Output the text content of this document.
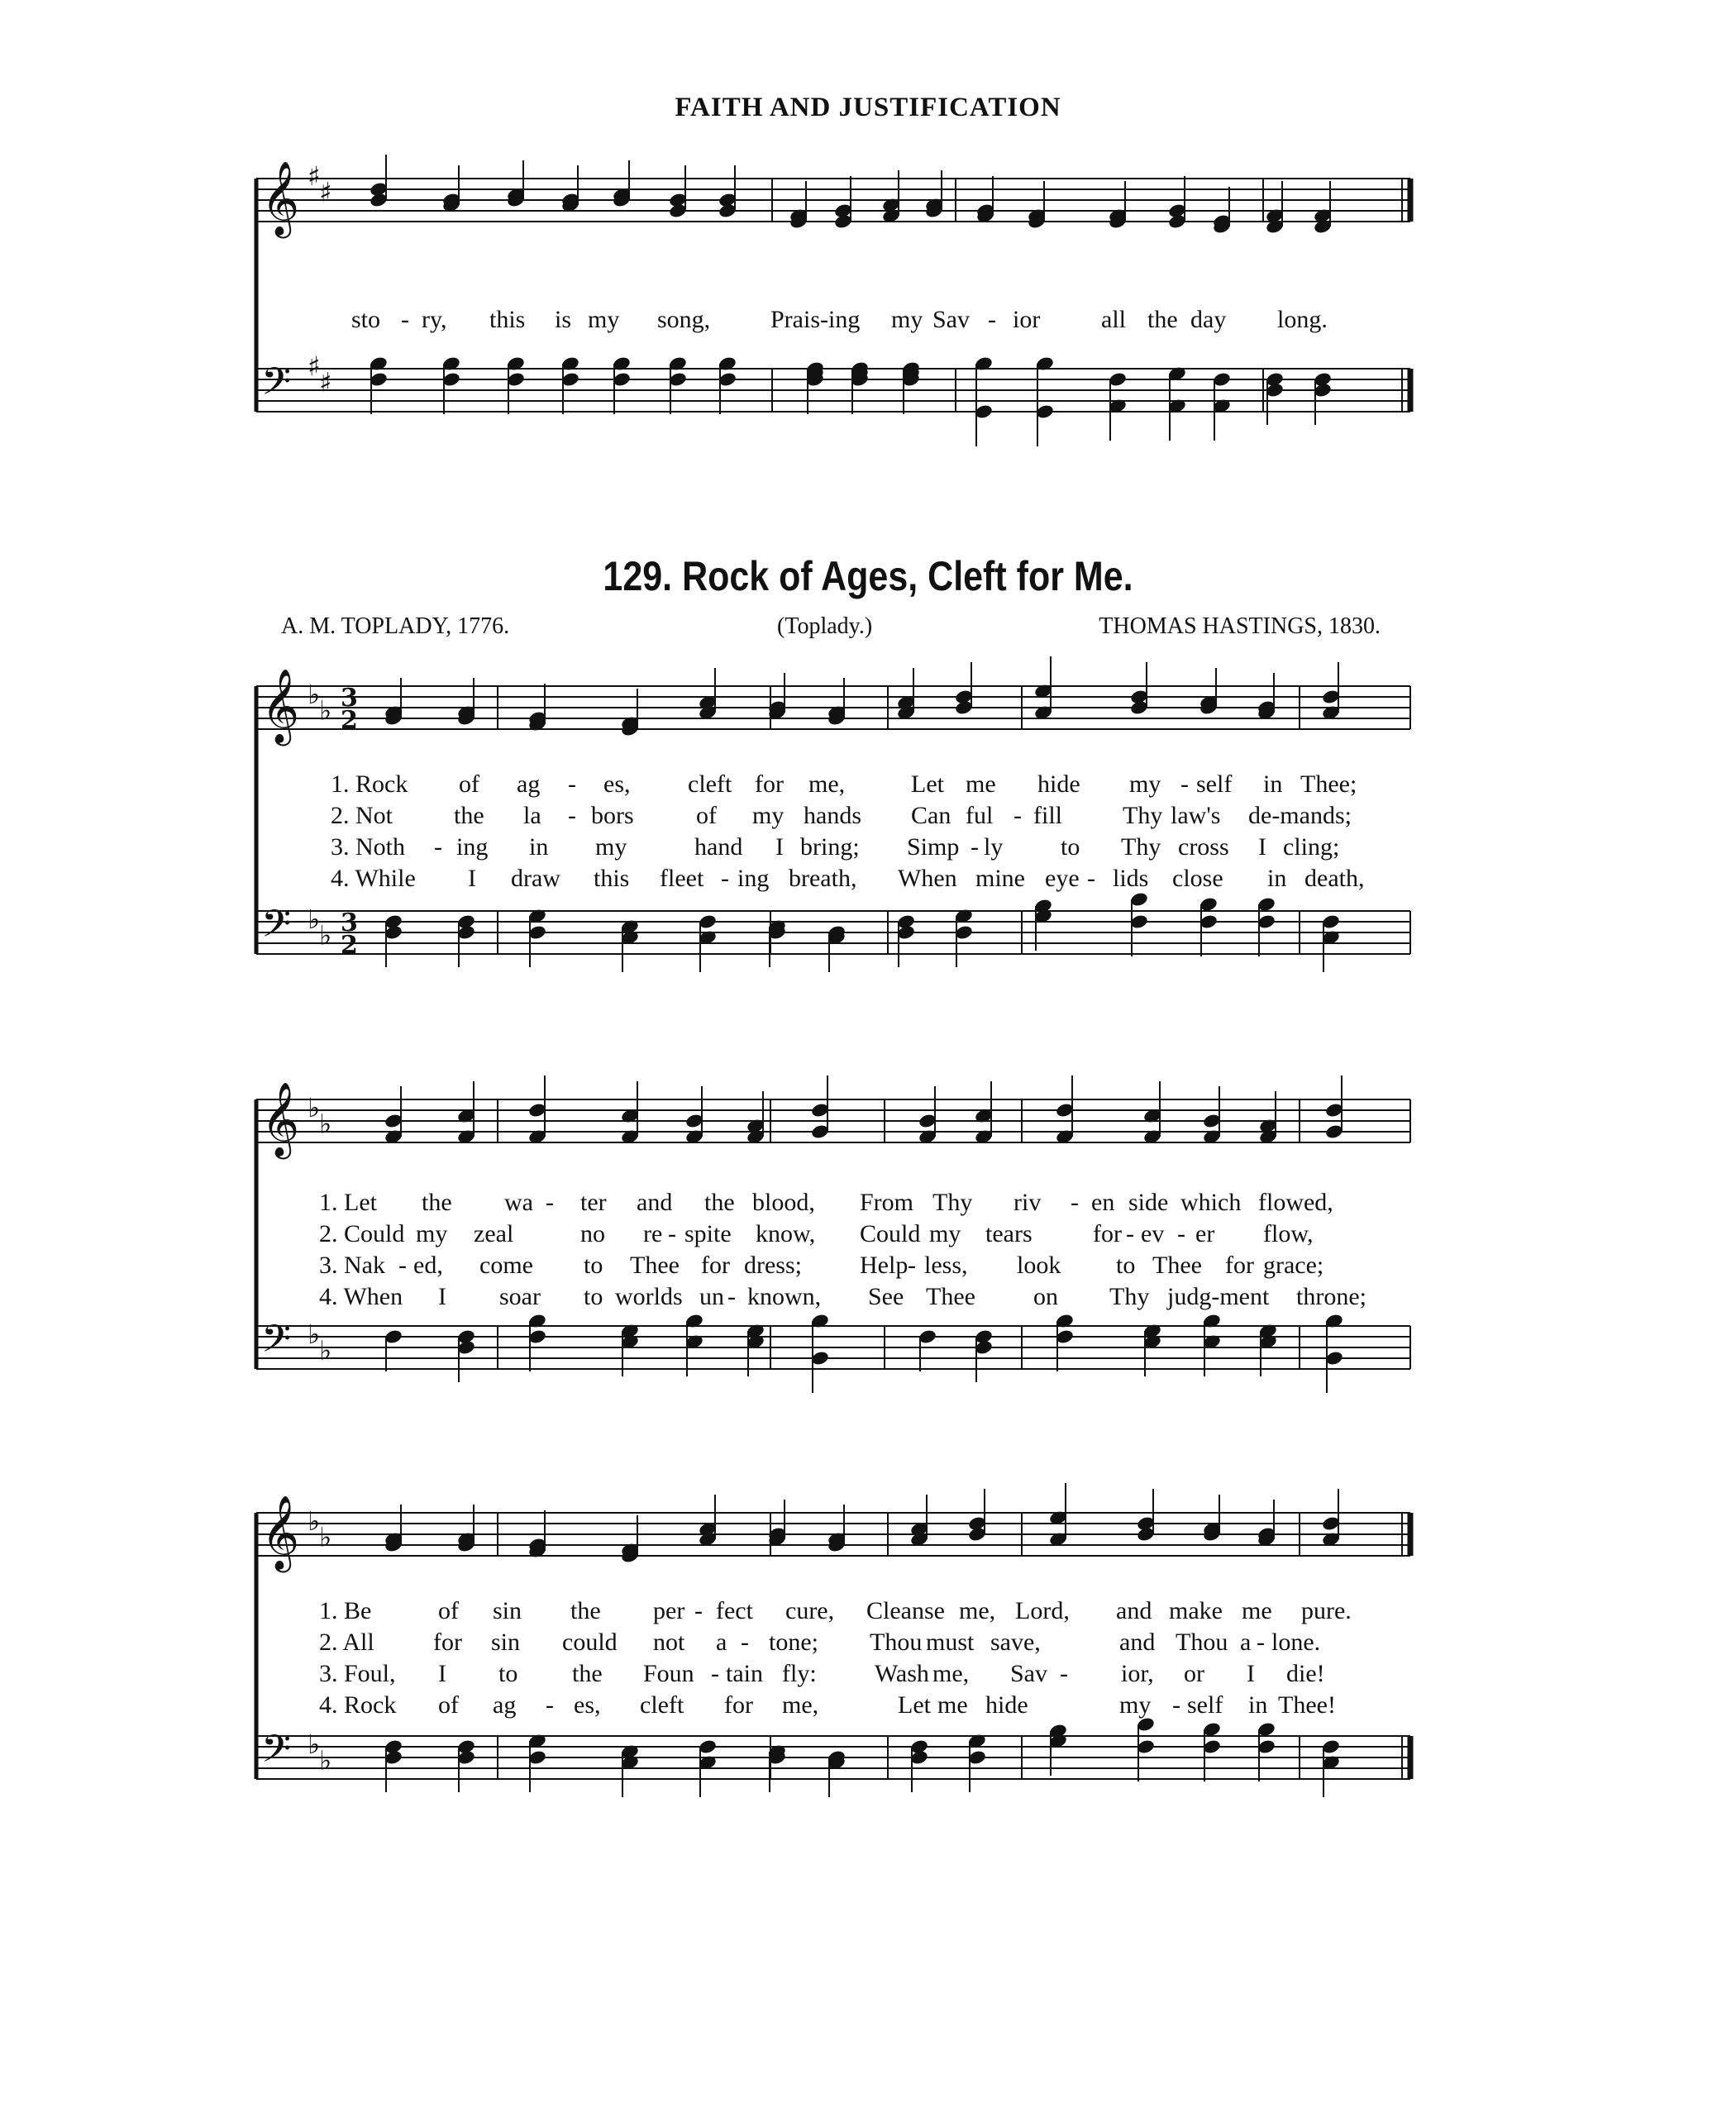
FAITH AND JUSTIFICATION
𝄞 ♯
♯
𝄢 ♯
♯
𝄞 ♭
♭ 3
2
𝄢 ♭
♭ 3
2
𝄞 ♭
♭
𝄢 ♭
♭
𝄞 ♭
♭
𝄢 ♭
♭
sto - ry, this is my song, Prais-ing my Sav - ior all the day long.
129. Rock of Ages, Cleft for Me.
A. M. TOPLADY, 1776.	(Toplady.)	THOMAS HASTINGS, 1830.
1. Rock of ag - es, cleft for me,	Let me hide my - self in Thee;
2. Not the la - bors	of my hands Can ful - fill Thy law's de-mands;
3. Noth - ing in my	hand I bring; Simp - ly to Thy cross I cling;
4. While I draw this fleet - ing breath, When mine eye - lids close in death,
1. Let the wa - ter and the blood, From Thy riv - en side which flowed,
2. Could my zeal	no re - spite know, Could my tears for - ev - er flow,
3. Nak - ed, come to Thee for dress; Help - less, look to Thee for grace;
4. When I soar to worlds un - known, See Thee on Thy judg-ment throne;
1. Be	of sin the per - fect cure, Cleanse me, Lord, and make me pure.
2. All for sin could not a - tone; Thou must save,	and Thou a - lone.
3. Foul, I to the Foun - tain fly: Wash me, Sav - ior, or I die!
4. Rock of ag - es, cleft for me,	Let me hide	my - self in Thee!
